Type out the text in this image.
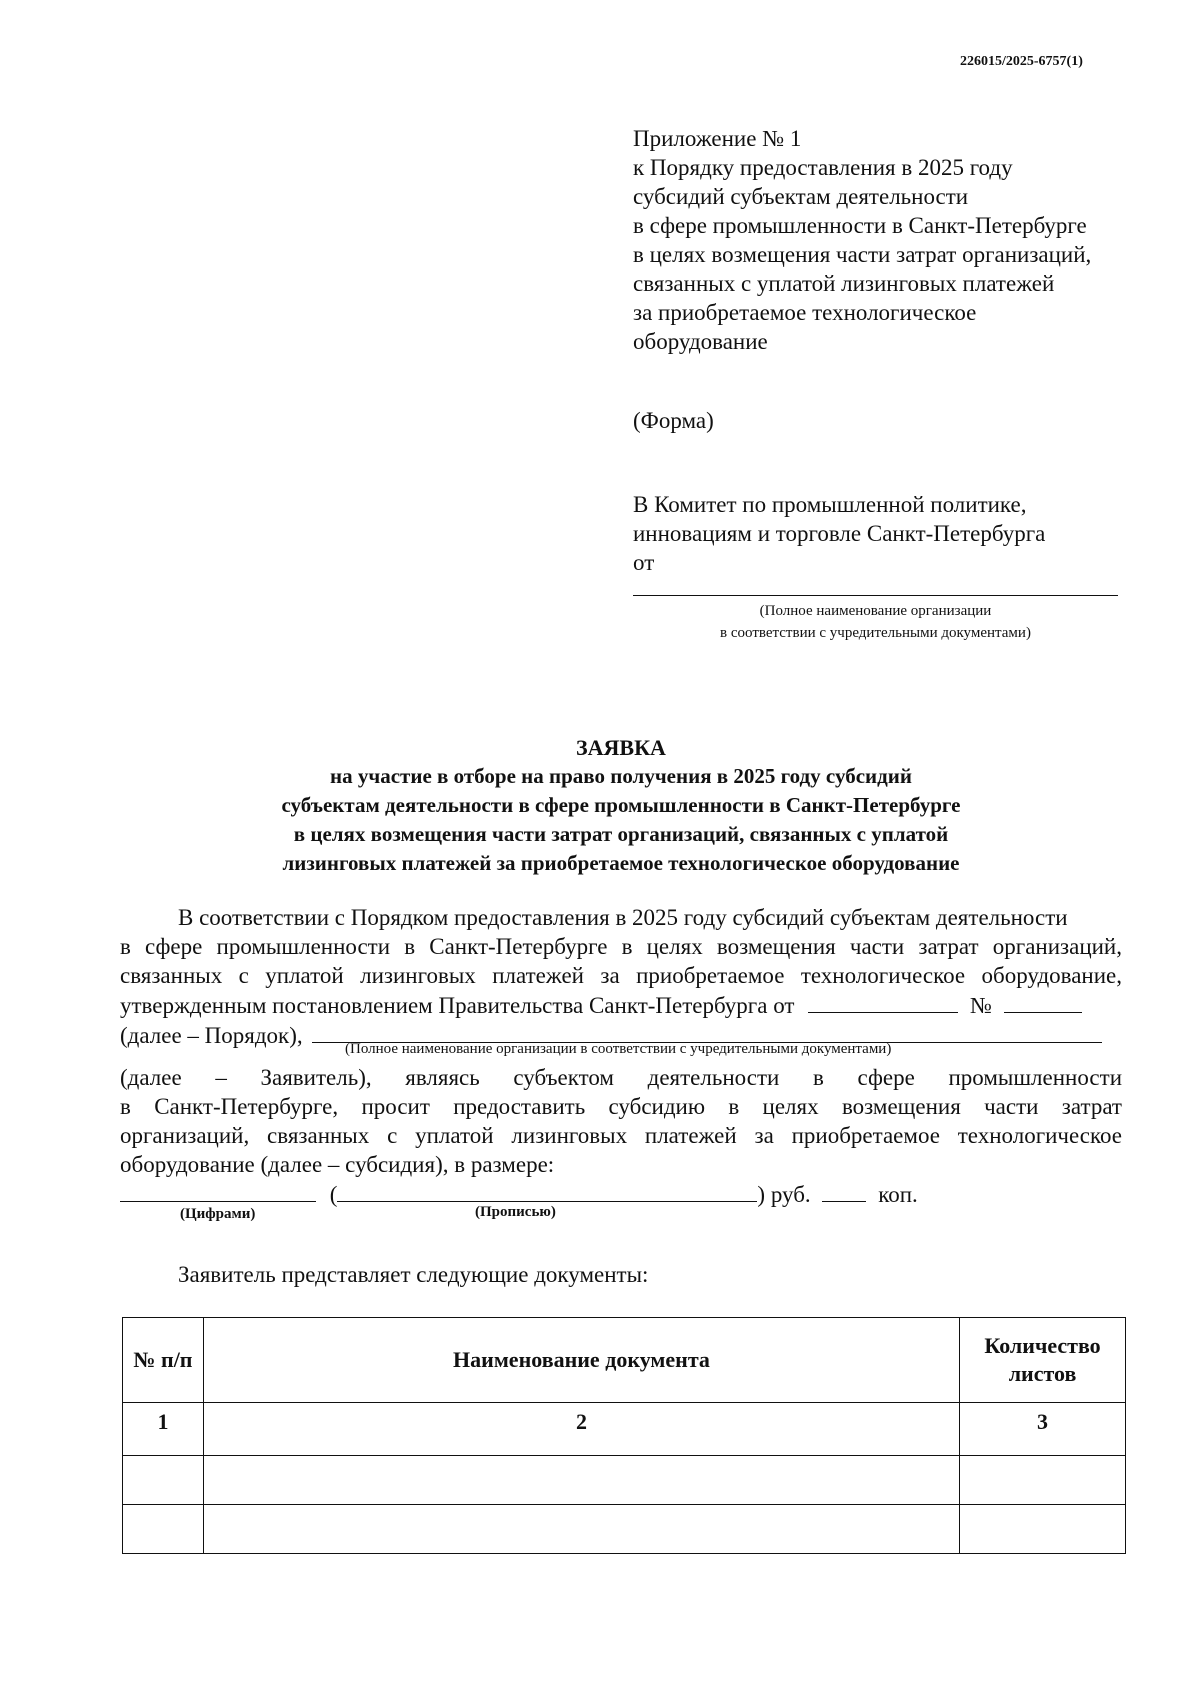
226015/2025-6757(1)
Приложение № 1
к Порядку предоставления в 2025 году
субсидий субъектам деятельности
в сфере промышленности в Санкт-Петербурге
в целях возмещения части затрат организаций,
связанных с уплатой лизинговых платежей
за приобретаемое технологическое
оборудование
(Форма)
В Комитет по промышленной политике,
инновациям и торговле Санкт-Петербурга
от
(Полное наименование организации
в соответствии с учредительными документами)
ЗАЯВКА
на участие в отборе на право получения в 2025 году субсидий
субъектам деятельности в сфере промышленности в Санкт-Петербурге
в целях возмещения части затрат организаций, связанных с уплатой
лизинговых платежей за приобретаемое технологическое оборудование
В соответствии с Порядком предоставления в 2025 году субсидий субъектам деятельности
в сфере промышленности в Санкт-Петербурге в целях возмещения части затрат организаций,
связанных с уплатой лизинговых платежей за приобретаемое технологическое оборудование,
утвержденным постановлением Правительства Санкт-Петербурга от	№
(далее – Порядок),
(Полное наименование организации в соответствии с учредительными документами)
(далее – Заявитель), являясь субъектом деятельности в сфере промышленности
в Санкт-Петербурге, просит предоставить субсидию в целях возмещения части затрат
организаций, связанных с уплатой лизинговых платежей за приобретаемое технологическое
оборудование (далее – субсидия), в размере:
(	) руб.	коп.
(Цифрами)	(Прописью)
Заявитель представляет следующие документы:
№ п/п	Наименование документа	Количество листов
1	2	3
